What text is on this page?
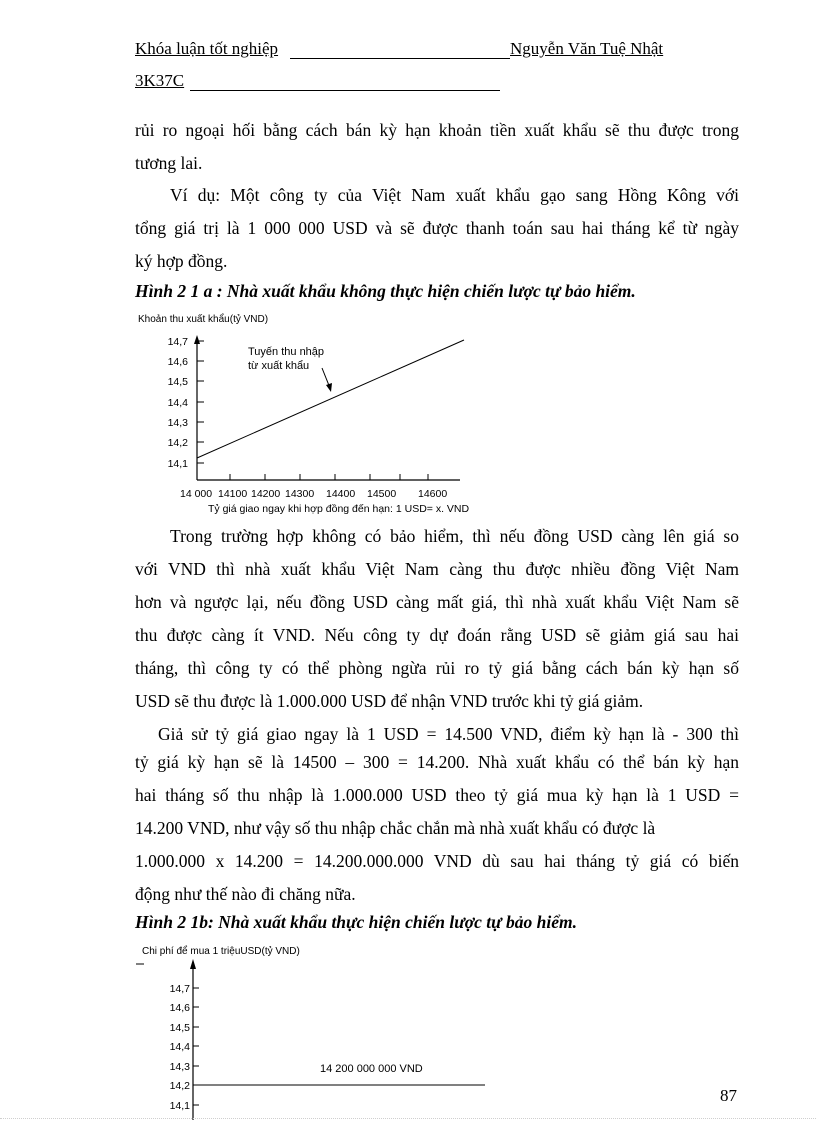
Khóa luận tốt nghiệp	Nguyễn Văn Tuệ Nhật
3K37C
rủi ro ngoại hối bằng cách bán kỳ hạn khoản tiền xuất khẩu sẽ thu được trong
tương lai.
Ví dụ: Một công ty của Việt Nam xuất khẩu gạo sang Hồng Kông với
tổng giá trị là 1 000 000 USD và sẽ được thanh toán sau hai tháng kể từ ngày
ký hợp đồng.
Hình 2 1 a : Nhà xuất khẩu không thực hiện chiến lược tự bảo hiểm.
Khoản thu xuất khẩu(tỷ VND)
14,7
14,6
14,5
14,4
14,3
14,2
14,1
14 000 14100 14200 14300 14400 14500 14600
Tỷ giá giao ngay khi hợp đồng đến hạn: 1 USD= x. VND
Tuyến thu nhập
từ xuất khẩu
Trong trường hợp không có bảo hiểm, thì nếu đồng USD càng lên giá so
với VND thì nhà xuất khẩu Việt Nam càng thu được nhiều đồng Việt Nam
hơn và ngược lại, nếu đồng USD càng mất giá, thì nhà xuất khẩu Việt Nam sẽ
thu được càng ít VND. Nếu công ty dự đoán rằng USD sẽ giảm giá sau hai
tháng, thì công ty có thể phòng ngừa rủi ro tỷ giá bằng cách bán kỳ hạn số
USD sẽ thu được là 1.000.000 USD để nhận VND trước khi tỷ giá giảm.
Giả sử tỷ giá giao ngay là 1 USD = 14.500 VND, điểm kỳ hạn là - 300 thì
tỷ giá kỳ hạn sẽ là 14500 – 300 = 14.200. Nhà xuất khẩu có thể bán kỳ hạn
hai tháng số thu nhập là 1.000.000 USD theo tỷ giá mua kỳ hạn là 1 USD =
14.200 VND, như vậy số thu nhập chắc chắn mà nhà xuất khẩu có được là
1.000.000 x 14.200 = 14.200.000.000 VND dù sau hai tháng tỷ giá có biến
động như thế nào đi chăng nữa.
Hình 2 1b: Nhà xuất khẩu thực hiện chiến lược tự bảo hiểm.
Chi phí để mua 1 triệuUSD(tỷ VND)
14,7
14,6
14,5
14,4
14,3
14,2
14,1
14 200 000 000 VND
87
